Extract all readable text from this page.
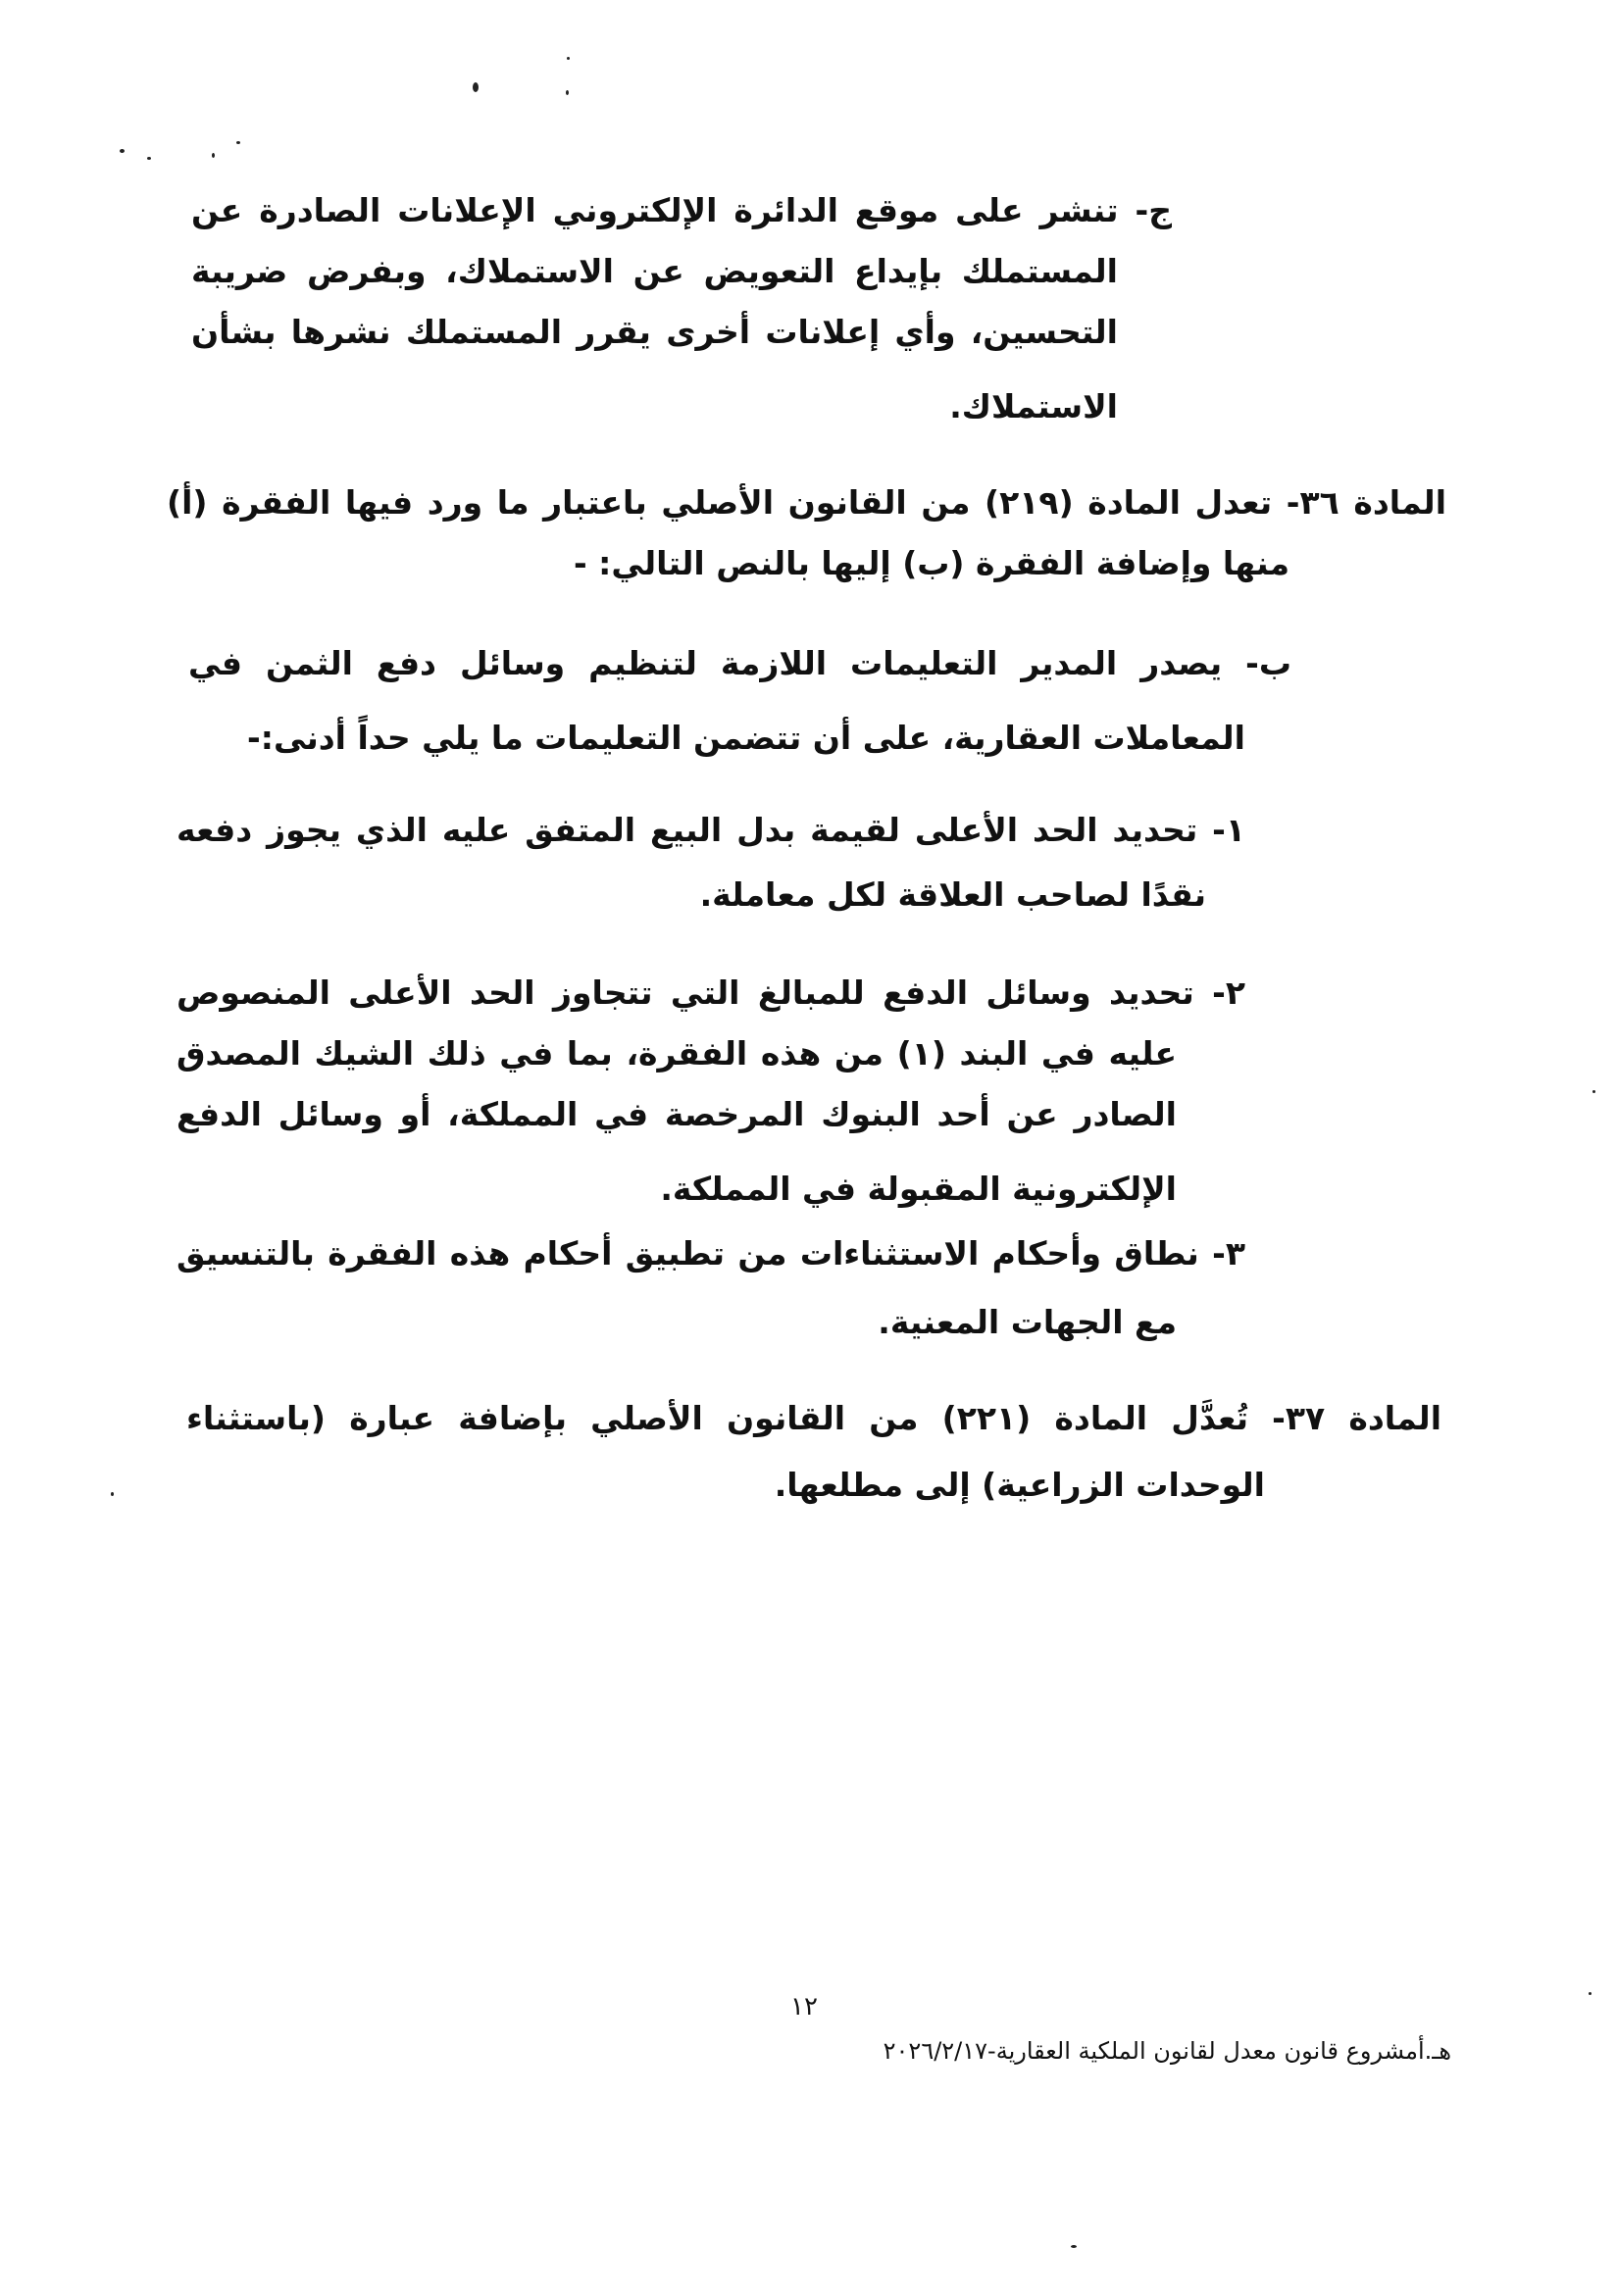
ج- تنشر على موقع الدائرة الإلكتروني الإعلانات الصادرة عن
المستملك بإيداع التعويض عن الاستملاك، وبفرض ضريبة
التحسين، وأي إعلانات أخرى يقرر المستملك نشرها بشأن
الاستملاك.
المادة ٣٦- تعدل المادة (٢١٩) من القانون الأصلي باعتبار ما ورد فيها الفقرة (أ)
منها وإضافة الفقرة (ب) إليها بالنص التالي: -
ب- يصدر المدير التعليمات اللازمة لتنظيم وسائل دفع الثمن في
المعاملات العقارية، على أن تتضمن التعليمات ما يلي حداً أدنى:-
١- تحديد الحد الأعلى لقيمة بدل البيع المتفق عليه الذي يجوز دفعه
نقدًا لصاحب العلاقة لكل معاملة.
٢- تحديد وسائل الدفع للمبالغ التي تتجاوز الحد الأعلى المنصوص
عليه في البند (١) من هذه الفقرة، بما في ذلك الشيك المصدق
الصادر عن أحد البنوك المرخصة في المملكة، أو وسائل الدفع
الإلكترونية المقبولة في المملكة.
٣- نطاق وأحكام الاستثناءات من تطبيق أحكام هذه الفقرة بالتنسيق
مع الجهات المعنية.
المادة ٣٧- تُعدَّل المادة (٢٢١) من القانون الأصلي بإضافة عبارة (باستثناء
الوحدات الزراعية) إلى مطلعها.
١٢
هـ.أمشروع قانون معدل لقانون الملكية العقارية-٢٠٢٦/٢/١٧
